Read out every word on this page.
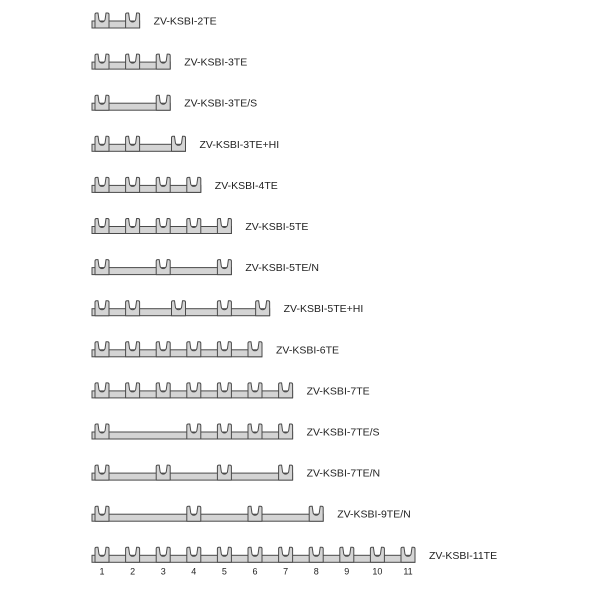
ZV-KSBI-2TE
ZV-KSBI-3TE
ZV-KSBI-3TE/S
ZV-KSBI-3TE+HI
ZV-KSBI-4TE
ZV-KSBI-5TE
ZV-KSBI-5TE/N
ZV-KSBI-5TE+HI
ZV-KSBI-6TE
ZV-KSBI-7TE
ZV-KSBI-7TE/S
ZV-KSBI-7TE/N
ZV-KSBI-9TE/N
ZV-KSBI-11TE
1	2	3	4	5	6	7	8	9	10 11
